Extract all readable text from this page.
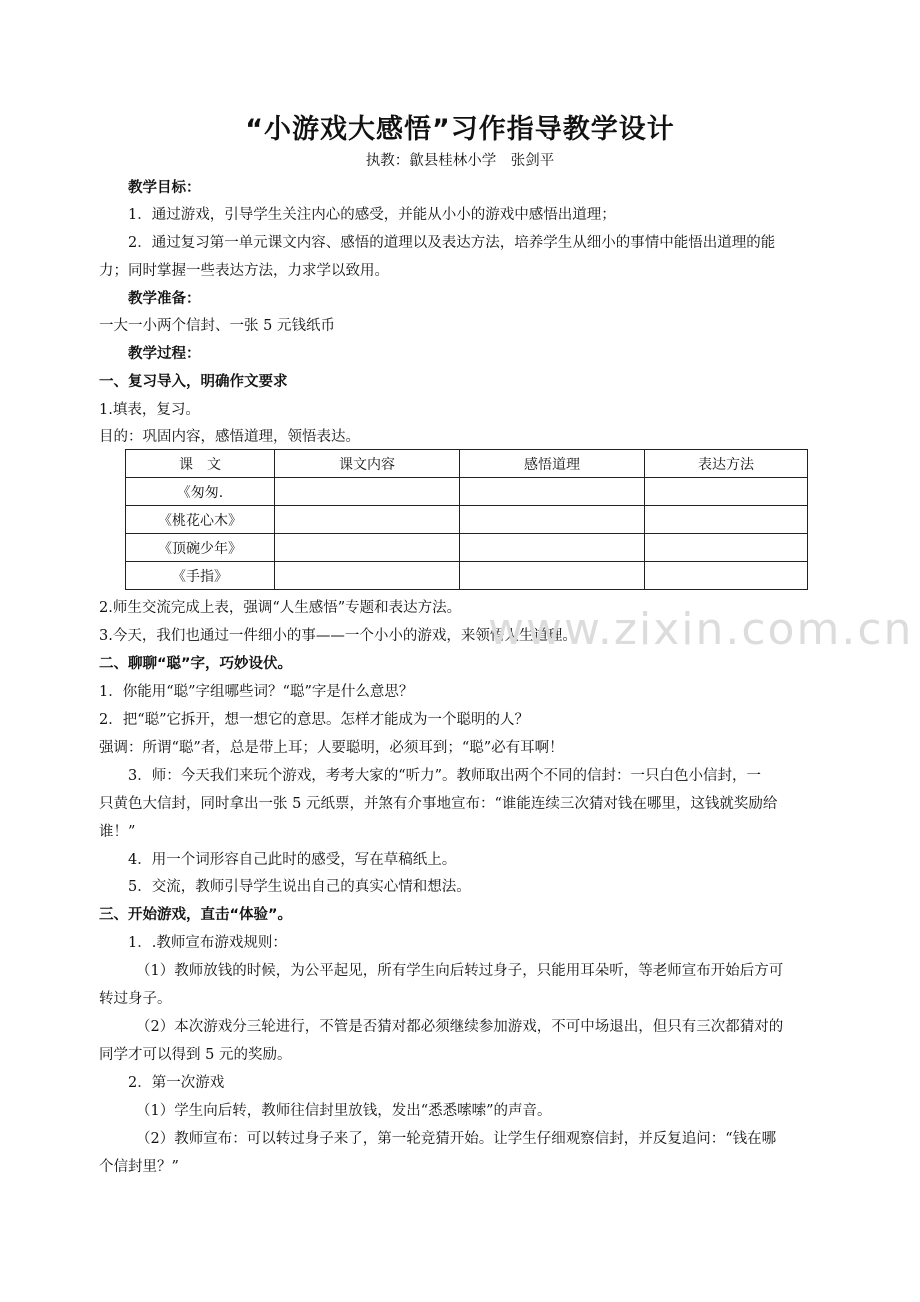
“小游戏大感悟”习作指导教学设计
执教：歙县桂林小学　张剑平
教学目标：
1．通过游戏，引导学生关注内心的感受，并能从小小的游戏中感悟出道理；
2．通过复习第一单元课文内容、感悟的道理以及表达方法，培养学生从细小的事情中能悟出道理的能
力；同时掌握一些表达方法，力求学以致用。
教学准备：
一大一小两个信封、一张 5 元钱纸币
教学过程：
一、复习导入，明确作文要求
1.填表，复习。
目的：巩固内容，感悟道理，领悟表达。
课　文	课文内容	感悟道理	表达方法
《匆匆.			
《桃花心木》			
《顶碗少年》			
《手指》			
2.师生交流完成上表，强调“人生感悟”专题和表达方法。
3.今天，我们也通过一件细小的事——一个小小的游戏，来领悟人生道理。
二、聊聊“聪”字，巧妙设伏。
1．你能用“聪”字组哪些词？“聪”字是什么意思？
2．把“聪”它拆开，想一想它的意思。怎样才能成为一个聪明的人？
强调：所谓“聪”者，总是带上耳；人要聪明，必须耳到；“聪”必有耳啊！
3．师：今天我们来玩个游戏，考考大家的“听力”。教师取出两个不同的信封：一只白色小信封，一
只黄色大信封，同时拿出一张 5 元纸票，并煞有介事地宣布：“谁能连续三次猜对钱在哪里，这钱就奖励给
谁！”
4．用一个词形容自己此时的感受，写在草稿纸上。
5．交流，教师引导学生说出自己的真实心情和想法。
三、开始游戏，直击“体验”。
1．.教师宣布游戏规则：
（1）教师放钱的时候，为公平起见，所有学生向后转过身子，只能用耳朵听，等老师宣布开始后方可
转过身子。
（2）本次游戏分三轮进行，不管是否猜对都必须继续参加游戏，不可中场退出，但只有三次都猜对的
同学才可以得到 5 元的奖励。
2．第一次游戏
（1）学生向后转，教师往信封里放钱，发出“悉悉嗦嗦”的声音。
（2）教师宣布：可以转过身子来了，第一轮竞猜开始。让学生仔细观察信封，并反复追问：“钱在哪
个信封里？”
www.zixin.com.cn
